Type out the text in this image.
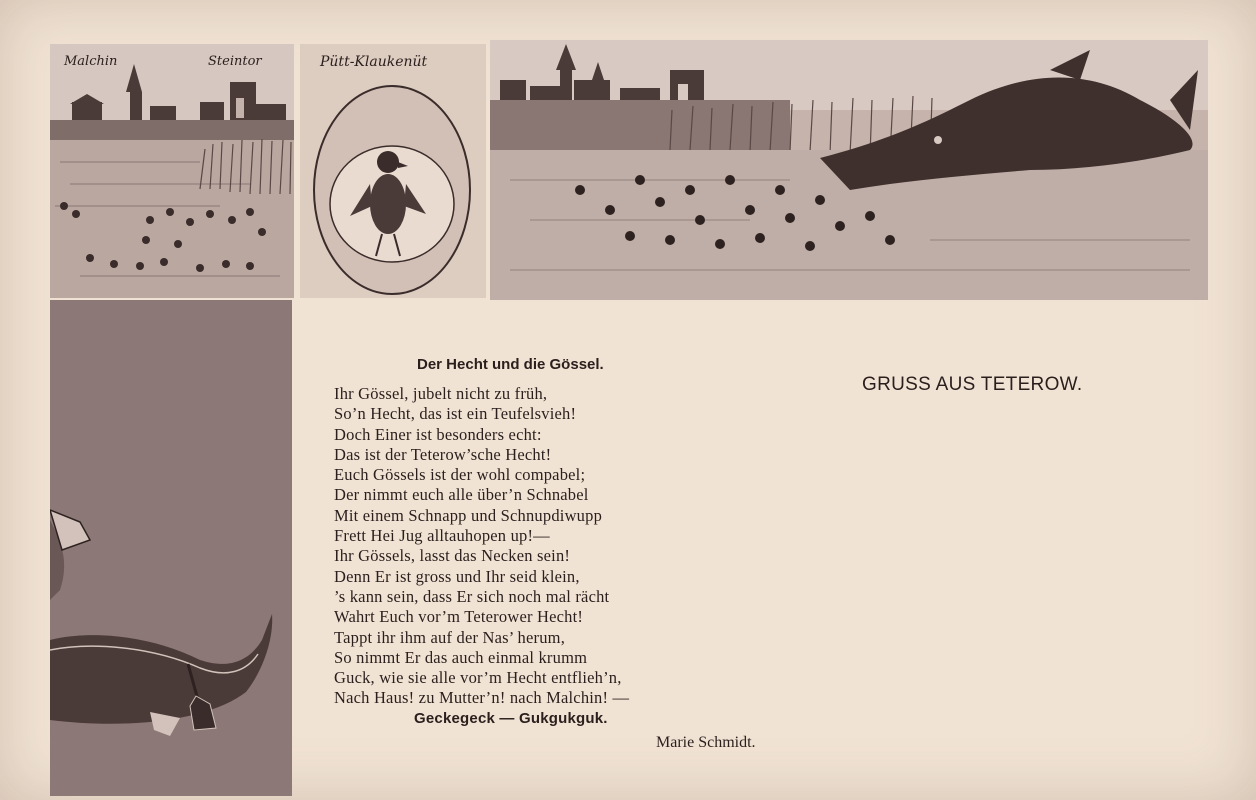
Malchin	Steintor	Pütt-Klaukenüt
Der Hecht und die Gössel.
Ihr Gössel, jubelt nicht zu früh,
So’n Hecht, das ist ein Teufelsvieh!
Doch Einer ist besonders echt:
Das ist der Teterow’sche Hecht!
Euch Gössels ist der wohl compabel;
Der nimmt euch alle über’n Schnabel
Mit einem Schnapp und Schnupdiwupp
Frett Hei Jug alltauhopen up!—
Ihr Gössels, lasst das Necken sein!
Denn Er ist gross und Ihr seid klein,
’s kann sein, dass Er sich noch mal rächt
Wahrt Euch vor’m Teterower Hecht!
Tappt ihr ihm auf der Nas’ herum,
So nimmt Er das auch einmal krumm
Guck, wie sie alle vor’m Hecht entflieh’n,
Nach Haus! zu Mutter’n! nach Malchin! —
Geckegeck — Gukgukguk.
Marie Schmidt.
GRUSS AUS TETEROW.
